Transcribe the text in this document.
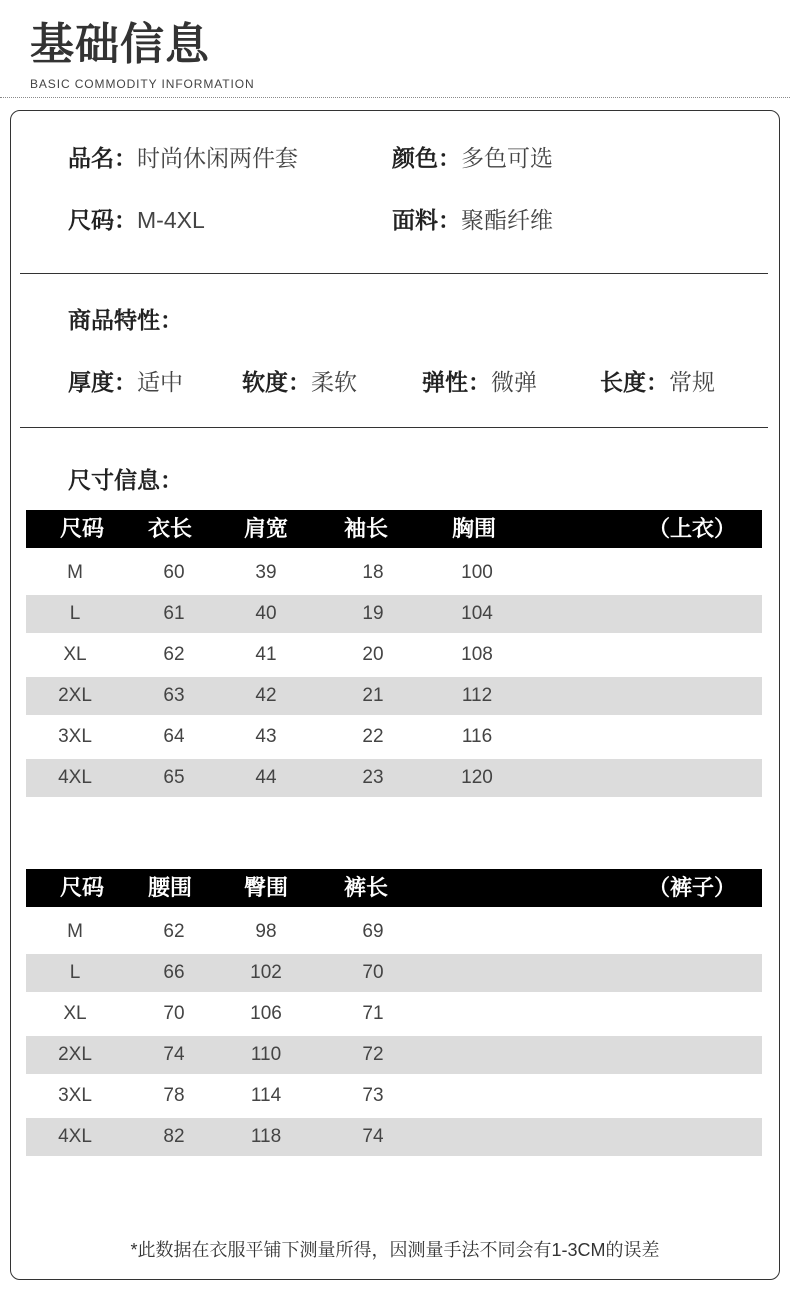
基础信息
BASIC COMMODITY INFORMATION
品名：时尚休闲两件套	颜色：多色可选
尺码：M-4XL	面料：聚酯纤维
商品特性：
厚度：适中	软度：柔软	弹性：微弹	长度：常规
尺寸信息：
尺码	衣长	肩宽	袖长	胸围	（上衣）
M	60	39	18	100
L	61	40	19	104
XL	62	41	20	108
2XL	63	42	21	112
3XL	64	43	22	116
4XL	65	44	23	120
尺码	腰围	臀围	裤长	（裤子）
M	62	98	69
L	66	102	70
XL	70	106	71
2XL	74	110	72
3XL	78	114	73
4XL	82	118	74
*此数据在衣服平铺下测量所得，因测量手法不同会有1-3CM的误差
